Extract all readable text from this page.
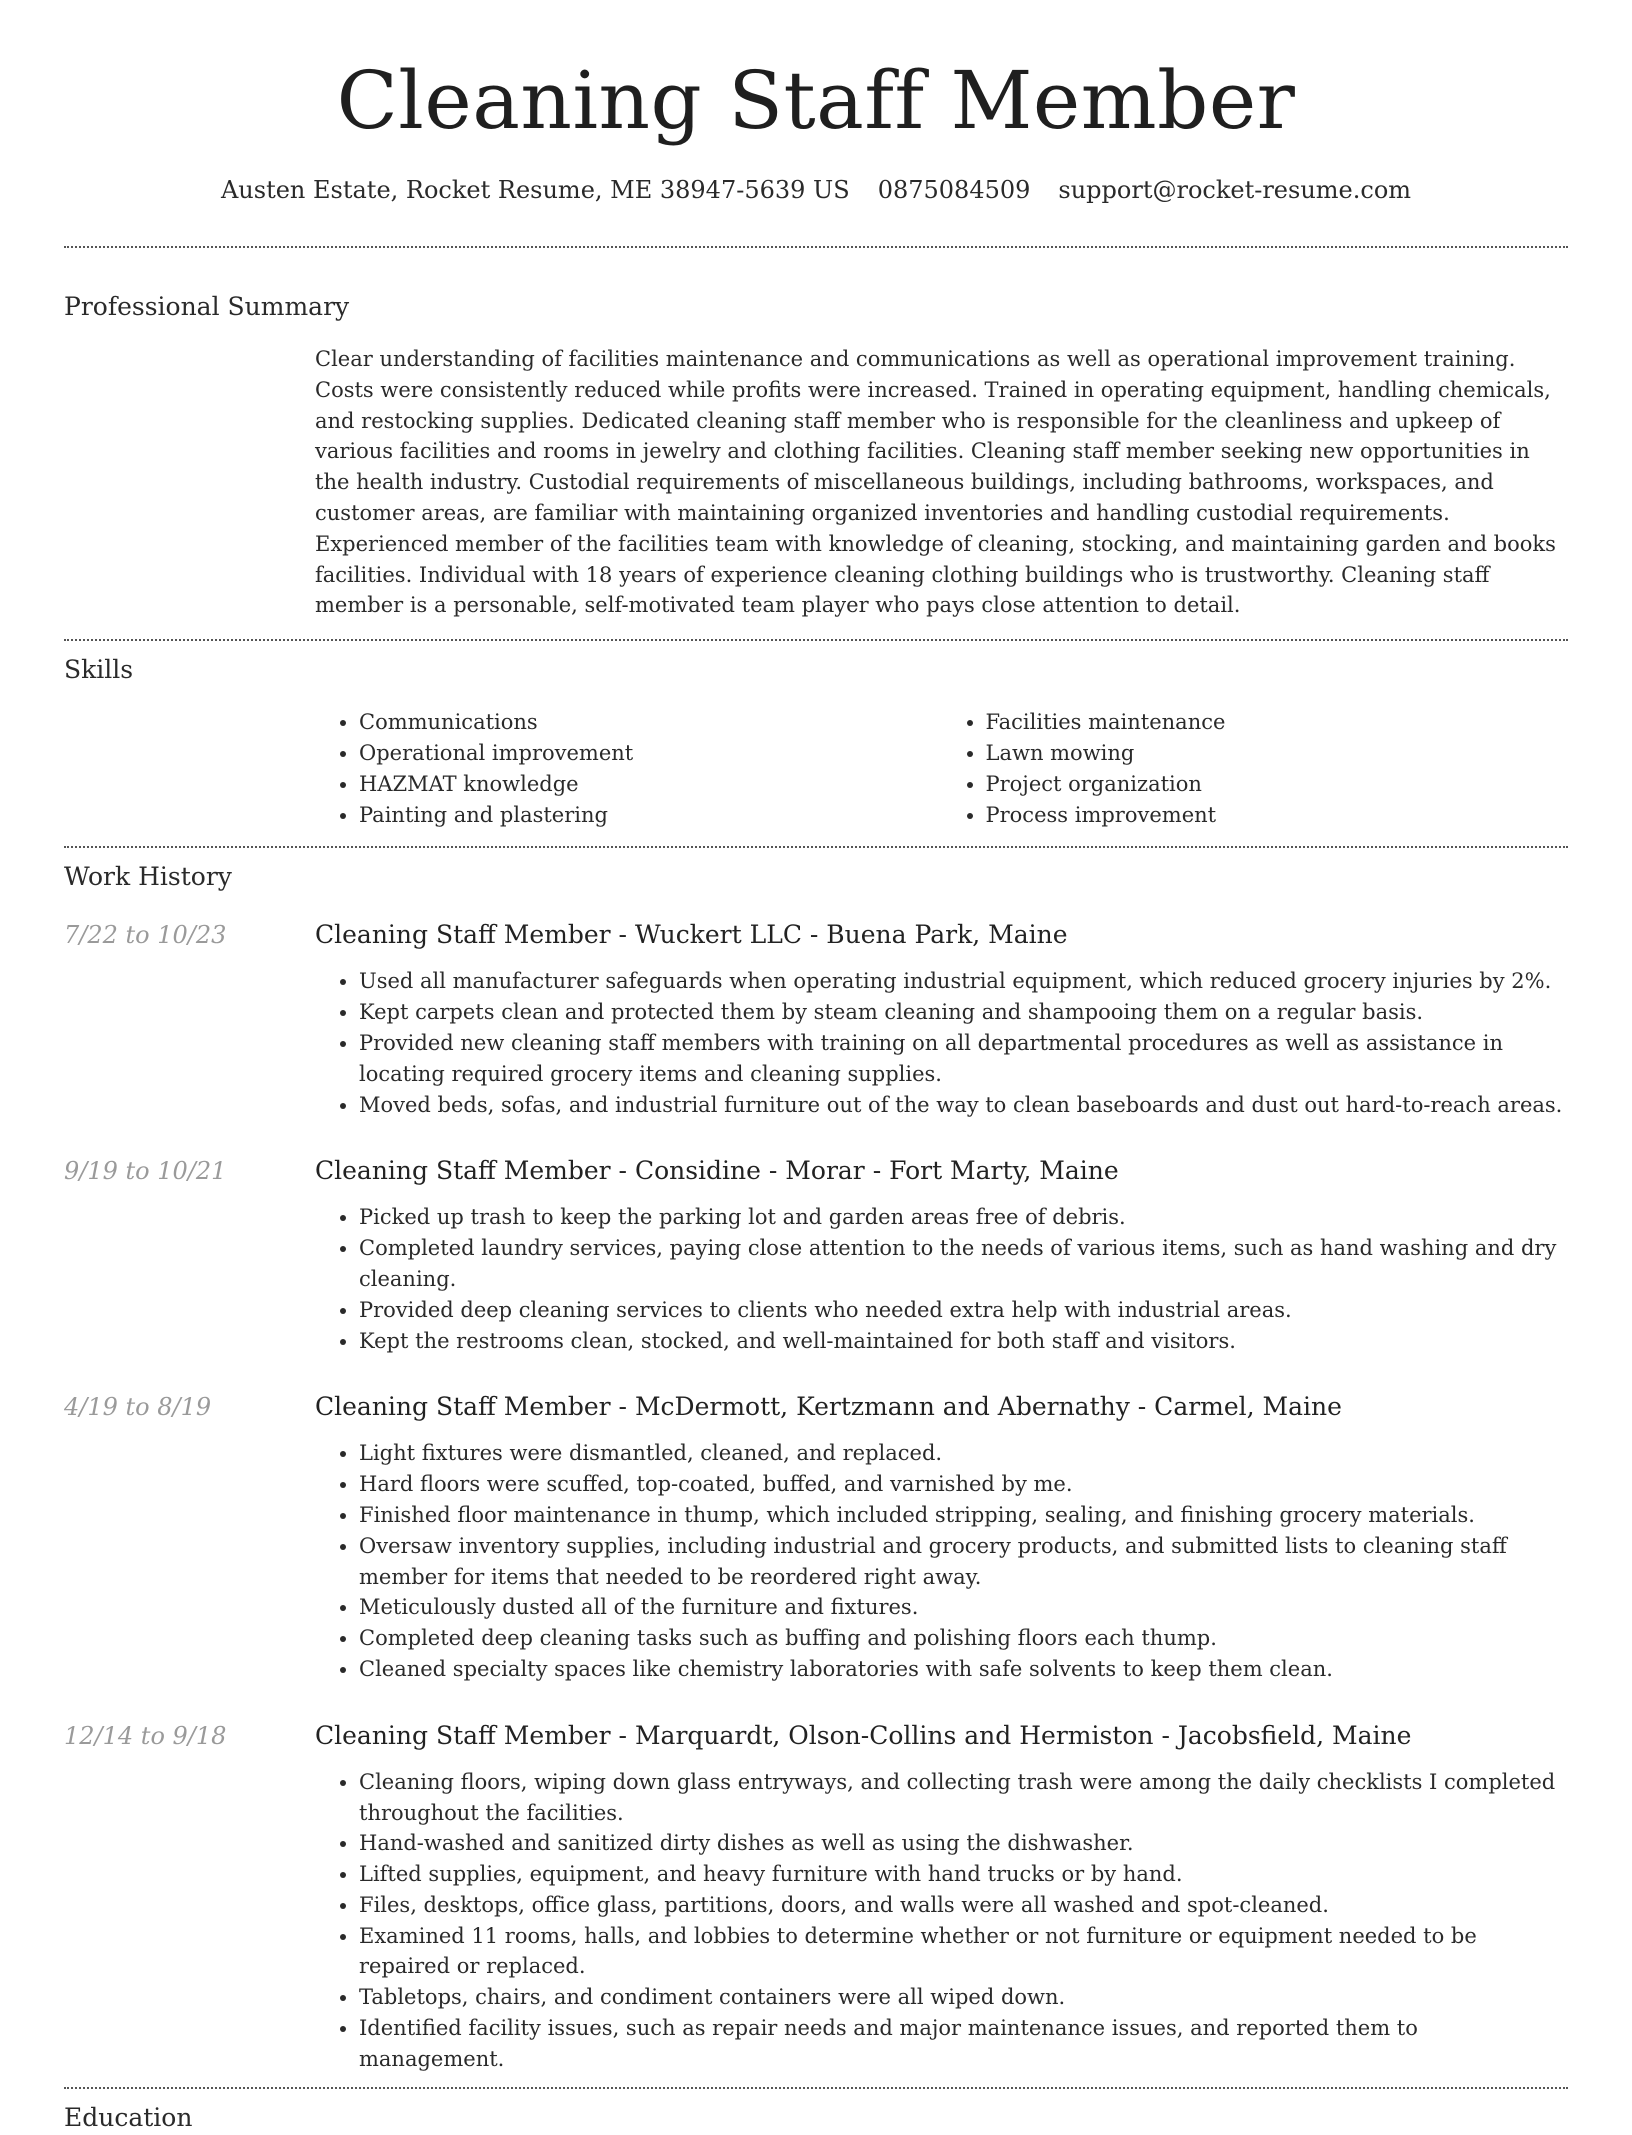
Cleaning Staff Member
Austen Estate, Rocket Resume, ME 38947-5639 US 0875084509 support@rocket-resume.com
Professional Summary
Clear understanding of facilities maintenance and communications as well as operational improvement training. Costs were consistently reduced while profits were increased. Trained in operating equipment, handling chemicals, and restocking supplies. Dedicated cleaning staff member who is responsible for the cleanliness and upkeep of various facilities and rooms in jewelry and clothing facilities. Cleaning staff member seeking new opportunities in the health industry. Custodial requirements of miscellaneous buildings, including bathrooms, workspaces, and customer areas, are familiar with maintaining organized inventories and handling custodial requirements. Experienced member of the facilities team with knowledge of cleaning, stocking, and maintaining garden and books facilities. Individual with 18 years of experience cleaning clothing buildings who is trustworthy. Cleaning staff member is a personable, self-motivated team player who pays close attention to detail.
Skills
• Communications
• Operational improvement
• HAZMAT knowledge
• Painting and plastering
• Facilities maintenance
• Lawn mowing
• Project organization
• Process improvement
Work History
7/22 to 10/23	Cleaning Staff Member - Wuckert LLC - Buena Park, Maine
• Used all manufacturer safeguards when operating industrial equipment, which reduced grocery injuries by 2%.
• Kept carpets clean and protected them by steam cleaning and shampooing them on a regular basis.
• Provided new cleaning staff members with training on all departmental procedures as well as assistance in locating required grocery items and cleaning supplies.
• Moved beds, sofas, and industrial furniture out of the way to clean baseboards and dust out hard-to-reach areas.
9/19 to 10/21	Cleaning Staff Member - Considine - Morar - Fort Marty, Maine
• Picked up trash to keep the parking lot and garden areas free of debris.
• Completed laundry services, paying close attention to the needs of various items, such as hand washing and dry cleaning.
• Provided deep cleaning services to clients who needed extra help with industrial areas.
• Kept the restrooms clean, stocked, and well-maintained for both staff and visitors.
4/19 to 8/19	Cleaning Staff Member - McDermott, Kertzmann and Abernathy - Carmel, Maine
• Light fixtures were dismantled, cleaned, and replaced.
• Hard floors were scuffed, top-coated, buffed, and varnished by me.
• Finished floor maintenance in thump, which included stripping, sealing, and finishing grocery materials.
• Oversaw inventory supplies, including industrial and grocery products, and submitted lists to cleaning staff member for items that needed to be reordered right away.
• Meticulously dusted all of the furniture and fixtures.
• Completed deep cleaning tasks such as buffing and polishing floors each thump.
• Cleaned specialty spaces like chemistry laboratories with safe solvents to keep them clean.
12/14 to 9/18	Cleaning Staff Member - Marquardt, Olson-Collins and Hermiston - Jacobsfield, Maine
• Cleaning floors, wiping down glass entryways, and collecting trash were among the daily checklists I completed throughout the facilities.
• Hand-washed and sanitized dirty dishes as well as using the dishwasher.
• Lifted supplies, equipment, and heavy furniture with hand trucks or by hand.
• Files, desktops, office glass, partitions, doors, and walls were all washed and spot-cleaned.
• Examined 11 rooms, halls, and lobbies to determine whether or not furniture or equipment needed to be repaired or replaced.
• Tabletops, chairs, and condiment containers were all wiped down.
• Identified facility issues, such as repair needs and major maintenance issues, and reported them to management.
Education
